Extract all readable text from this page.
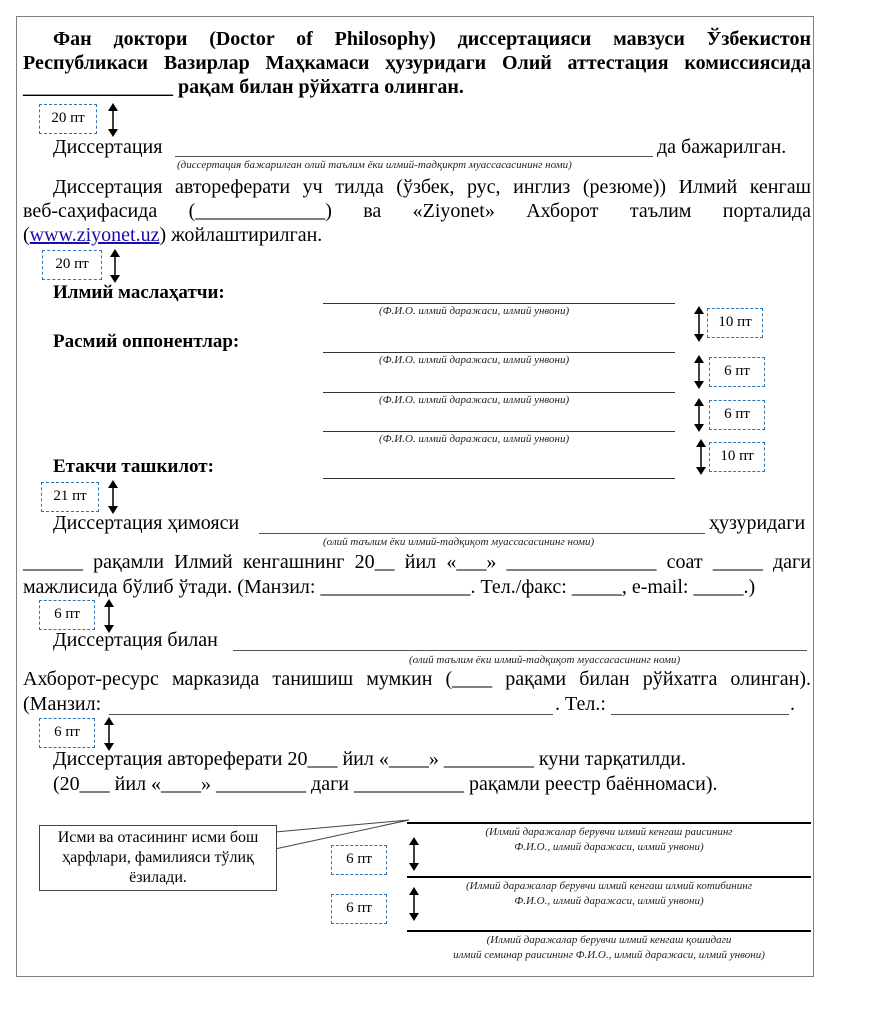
Фан доктори (Doctor of Philosophy) диссертацияси мавзуси Ўзбекистон
Республикаси Вазирлар Маҳкамаси ҳузуридаги Олий аттестация комиссиясида
_______________ рақам билан рўйхатга олинган.
20 пт
Диссертация	да бажарилган.
(диссертация бажарилган олий таълим ёки илмий-тадқикрт муассасасининг номи)
Диссертация автореферати уч тилда (ўзбек, рус, инглиз (резюме)) Илмий кенгаш
веб-саҳифасида (_____________) ва «Ziyonet» Ахборот таълим порталида
(www.ziyonet.uz) жойлаштирилган.
20 пт
Илмий маслаҳатчи:
(Ф.И.О. илмий даражаси, илмий унвони)
Расмий оппонентлар:
(Ф.И.О. илмий даражаси, илмий унвони)
(Ф.И.О. илмий даражаси, илмий унвони)
(Ф.И.О. илмий даражаси, илмий унвони)
Етакчи ташкилот:
10 пт
6 пт
6 пт
10 пт
21 пт
Диссертация ҳимояси	ҳузуридаги
(олий таълим ёки илмий-тадқиқот муассасасининг номи)
______ рақамли Илмий кенгашнинг 20__ йил «___» _______________ соат _____ даги
мажлисида бўлиб ўтади. (Манзил: _______________. Тел./факс: _____, e-mail: _____.)
6 пт
Диссертация билан
(олий таълим ёки илмий-тадқиқот муассасасининг номи)
Ахборот-ресурс марказида танишиш мумкин (____ рақами билан рўйхатга олинган).
(Манзил:	. Тел.:	.
6 пт
Диссертация автореферати 20___ йил «____» _________ куни тарқатилди.
(20___ йил «____» _________ даги ___________ рақамли реестр баённомаси).
Исми ва отасининг исми бош ҳарфлари, фамилияси тўлиқ ёзилади.
(Илмий даражалар берувчи илмий кенгаш раисининг
Ф.И.О., илмий даражаси, илмий унвони)
6 пт
(Илмий даражалар берувчи илмий кенгаш илмий котибининг
Ф.И.О., илмий даражаси, илмий унвони)
6 пт
(Илмий даражалар берувчи илмий кенгаш қошидаги
илмий семинар раисининг Ф.И.О., илмий даражаси, илмий унвони)
